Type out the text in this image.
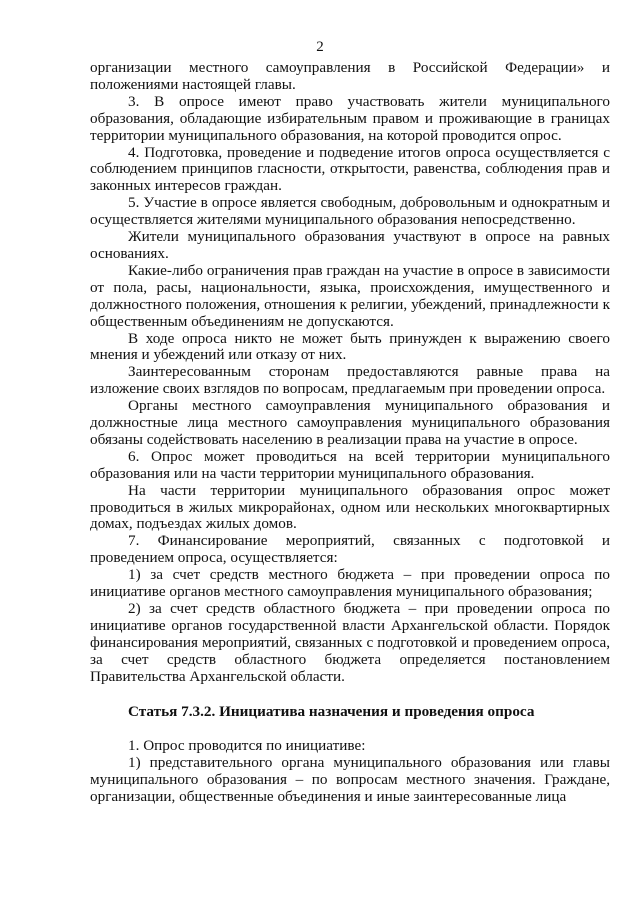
2

организации местного самоуправления в Российской Федерации» и положениями настоящей главы.

3. В опросе имеют право участвовать жители муниципального образования, обладающие избирательным правом и проживающие в границах территории муниципального образования, на которой проводится опрос.

4. Подготовка, проведение и подведение итогов опроса осуществляется с соблюдением принципов гласности, открытости, равенства, соблюдения прав и законных интересов граждан.

5. Участие в опросе является свободным, добровольным и однократным и осуществляется жителями муниципального образования непосредственно.

Жители муниципального образования участвуют в опросе на равных основаниях.

Какие-либо ограничения прав граждан на участие в опросе в зависимости от пола, расы, национальности, языка, происхождения, имущественного и должностного положения, отношения к религии, убеждений, принадлежности к общественным объединениям не допускаются.

В ходе опроса никто не может быть принужден к выражению своего мнения и убеждений или отказу от них.

Заинтересованным сторонам предоставляются равные права на изложение своих взглядов по вопросам, предлагаемым при проведении опроса.

Органы местного самоуправления муниципального образования и должностные лица местного самоуправления муниципального образования обязаны содействовать населению в реализации права на участие в опросе.

6. Опрос может проводиться на всей территории муниципального образования или на части территории муниципального образования.

На части территории муниципального образования опрос может проводиться в жилых микрорайонах, одном или нескольких многоквартирных домах, подъездах жилых домов.

7. Финансирование мероприятий, связанных с подготовкой и проведением опроса, осуществляется:

1) за счет средств местного бюджета – при проведении опроса по инициативе органов местного самоуправления муниципального образования;

2) за счет средств областного бюджета – при проведении опроса по инициативе органов государственной власти Архангельской области. Порядок финансирования мероприятий, связанных с подготовкой и проведением опроса, за счет средств областного бюджета определяется постановлением Правительства Архангельской области.

Статья 7.3.2. Инициатива назначения и проведения опроса

1. Опрос проводится по инициативе:

1) представительного органа муниципального образования или главы муниципального образования – по вопросам местного значения. Граждане, организации, общественные объединения и иные заинтересованные лица
